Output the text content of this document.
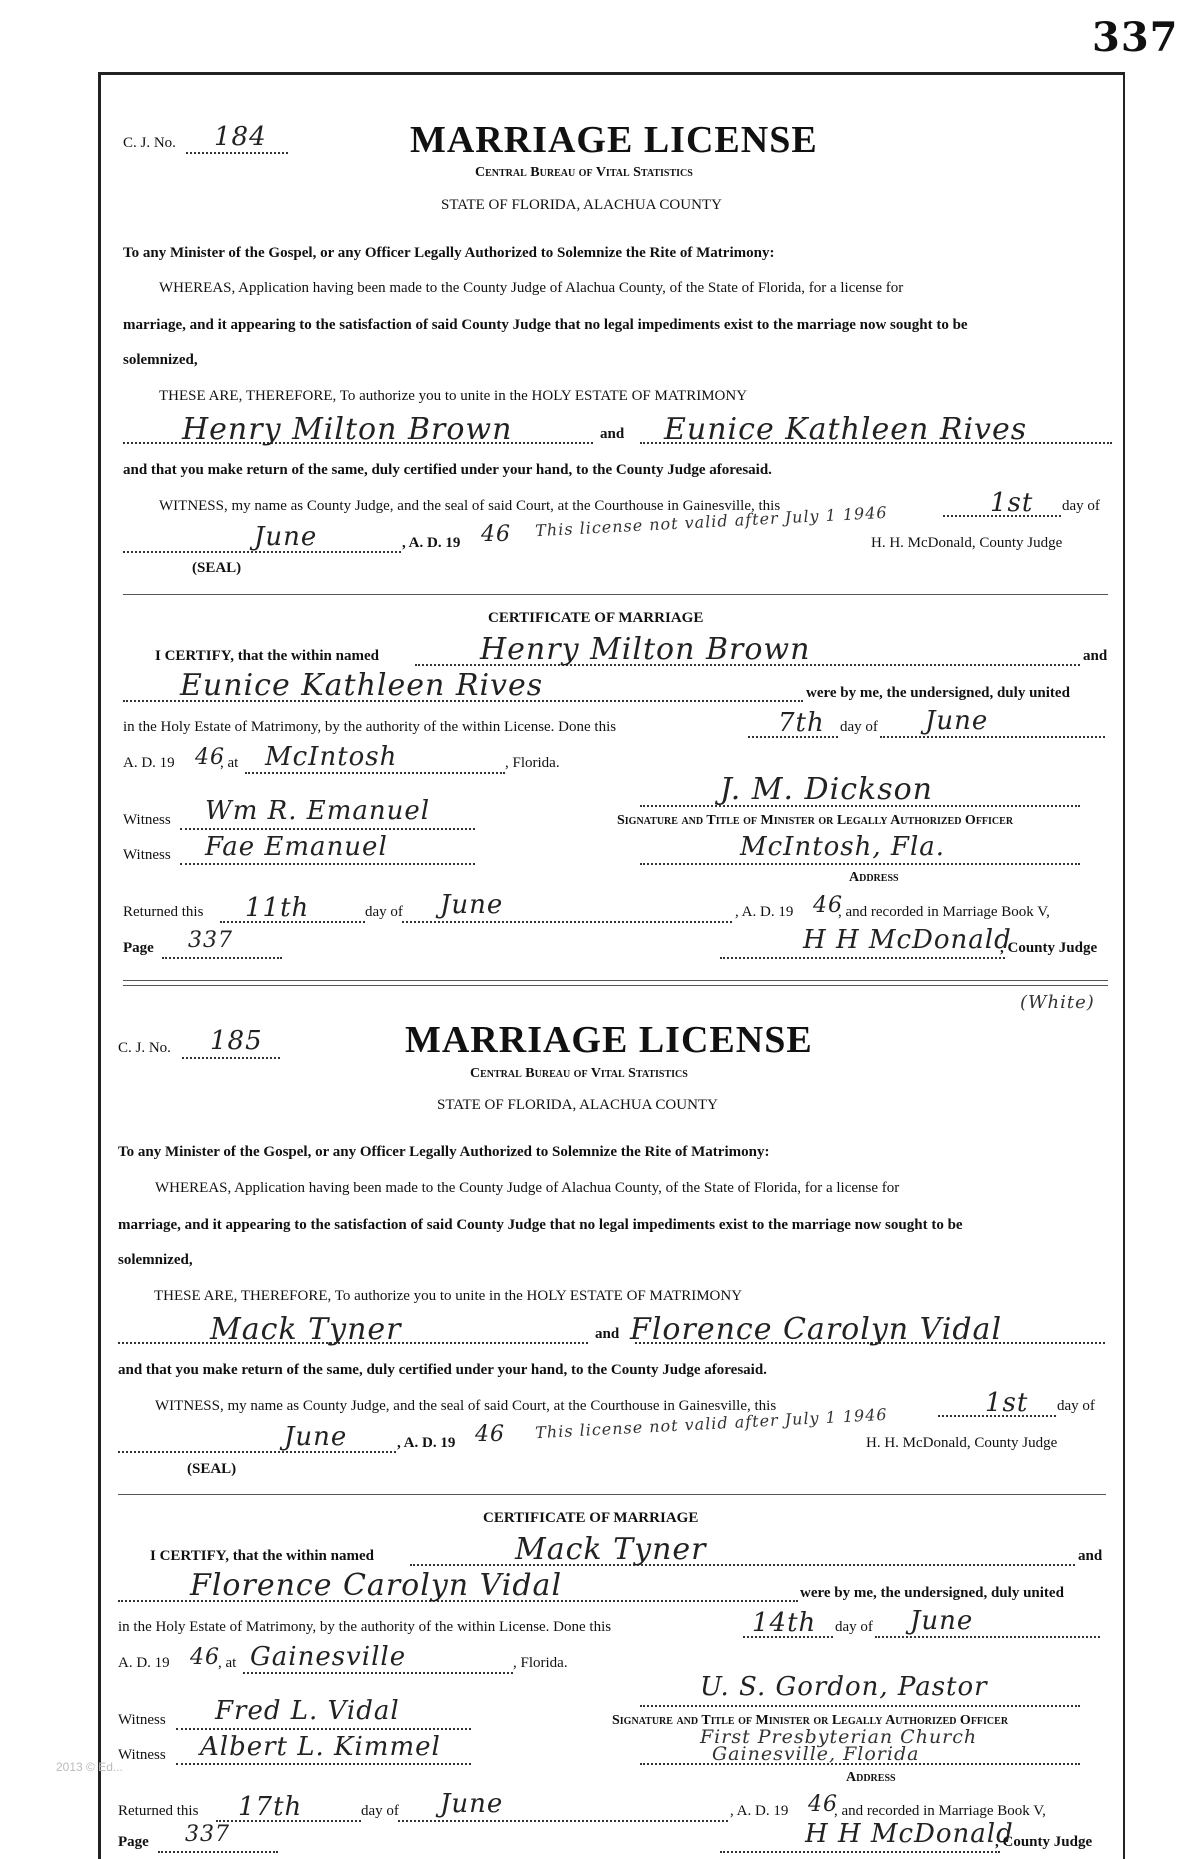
337
2013 © Ed...
C. J. No. 184	MARRIAGE LICENSE
Central Bureau of Vital Statistics
STATE OF FLORIDA, ALACHUA COUNTY
To any Minister of the Gospel, or any Officer Legally Authorized to Solemnize the Rite of Matrimony:
WHEREAS, Application having been made to the County Judge of Alachua County, of the State of Florida, for a license for
marriage, and it appearing to the satisfaction of said County Judge that no legal impediments exist to the marriage now sought to be
solemnized,
THESE ARE, THEREFORE, To authorize you to unite in the HOLY ESTATE OF MATRIMONY
Henry Milton Brown	and Eunice Kathleen Rives
and that you make return of the same, duly certified under your hand, to the County Judge aforesaid.
WITNESS, my name as County Judge, and the seal of said Court, at the Courthouse in Gainesville, this	1st day of
This license not valid after July 1 1946
June	, A. D. 19 46	H. H. McDonald, County Judge
(SEAL)
CERTIFICATE OF MARRIAGE
I CERTIFY, that the within named	Henry Milton Brown	and
Eunice Kathleen Rives	were by me, the undersigned, duly united
in the Holy Estate of Matrimony, by the authority of the within License. Done this	7th day of June
A. D. 19 46
, at McIntosh	, Florida.
J. M. Dickson
Witness Wm R. Emanuel	Signature and Title of Minister or Legally Authorized Officer
Witness Fae Emanuel	McIntosh, Fla.
Address
Returned this 11th	day of June	, A. D. 19 46
, and recorded in Marriage Book V,
Page 337	H H McDonald
, County Judge
(White)
C. J. No. 185	MARRIAGE LICENSE
Central Bureau of Vital Statistics
STATE OF FLORIDA, ALACHUA COUNTY
To any Minister of the Gospel, or any Officer Legally Authorized to Solemnize the Rite of Matrimony:
WHEREAS, Application having been made to the County Judge of Alachua County, of the State of Florida, for a license for
marriage, and it appearing to the satisfaction of said County Judge that no legal impediments exist to the marriage now sought to be
solemnized,
THESE ARE, THEREFORE, To authorize you to unite in the HOLY ESTATE OF MATRIMONY
Mack Tyner	and Florence Carolyn Vidal
and that you make return of the same, duly certified under your hand, to the County Judge aforesaid.
WITNESS, my name as County Judge, and the seal of said Court, at the Courthouse in Gainesville, this	1st day of
This license not valid after July 1 1946
June	, A. D. 19 46	H. H. McDonald, County Judge
(SEAL)
CERTIFICATE OF MARRIAGE
I CERTIFY, that the within named	Mack Tyner	and
Florence Carolyn Vidal	were by me, the undersigned, duly united
in the Holy Estate of Matrimony, by the authority of the within License. Done this	14th day of June
A. D. 19 46
, at Gainesville	, Florida.
U. S. Gordon, Pastor
Witness Fred L. Vidal	Signature and Title of Minister or Legally Authorized Officer
First Presbyterian Church
Witness Albert L. Kimmel	Gainesville, Florida
Address
Returned this 17th	day of June	, A. D. 19 46
, and recorded in Marriage Book V,
Page 337	H H McDonald
, County Judge
